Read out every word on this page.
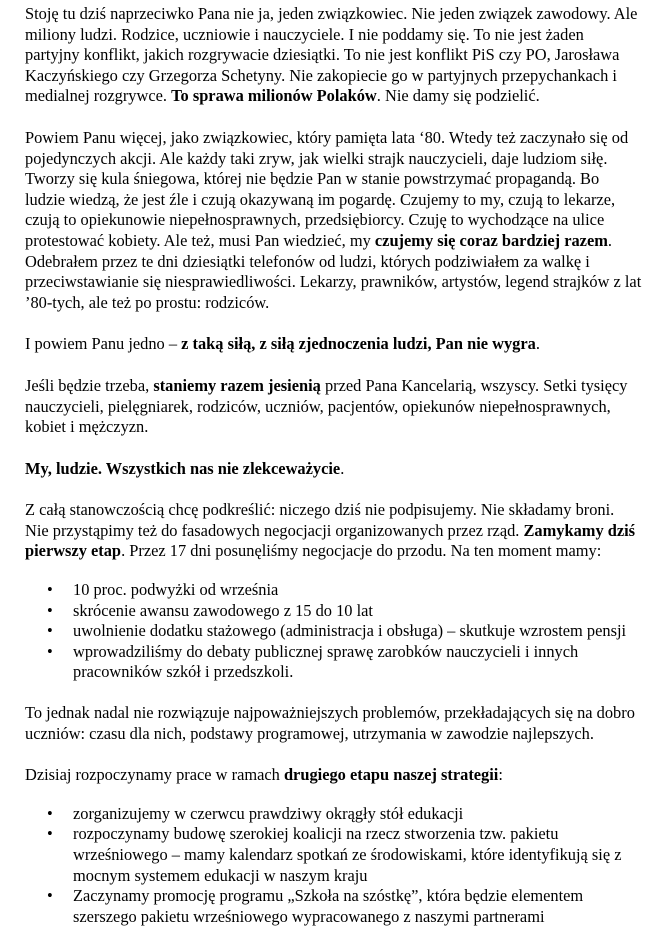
Stoję tu dziś naprzeciwko Pana nie ja, jeden związkowiec. Nie jeden związek zawodowy. Ale miliony ludzi. Rodzice, uczniowie i nauczyciele. I nie poddamy się. To nie jest żaden partyjny konflikt, jakich rozgrywacie dziesiątki. To nie jest konflikt PiS czy PO, Jarosława Kaczyńskiego czy Grzegorza Schetyny. Nie zakopiecie go w partyjnych przepychankach i medialnej rozgrywce. To sprawa milionów Polaków. Nie damy się podzielić.

Powiem Panu więcej, jako związkowiec, który pamięta lata ‘80. Wtedy też zaczynało się od pojedynczych akcji. Ale każdy taki zryw, jak wielki strajk nauczycieli, daje ludziom siłę. Tworzy się kula śniegowa, której nie będzie Pan w stanie powstrzymać propagandą. Bo ludzie wiedzą, że jest źle i czują okazywaną im pogardę. Czujemy to my, czują to lekarze, czują to opiekunowie niepełnosprawnych, przedsiębiorcy. Czuję to wychodzące na ulice protestować kobiety. Ale też, musi Pan wiedzieć, my czujemy się coraz bardziej razem. Odebrałem przez te dni dziesiątki telefonów od ludzi, których podziwiałem za walkę i przeciwstawianie się niesprawiedliwości. Lekarzy, prawników, artystów, legend strajków z lat ’80-tych, ale też po prostu: rodziców.

I powiem Panu jedno – z taką siłą, z siłą zjednoczenia ludzi, Pan nie wygra.

Jeśli będzie trzeba, staniemy razem jesienią przed Pana Kancelarią, wszyscy. Setki tysięcy nauczycieli, pielęgniarek, rodziców, uczniów, pacjentów, opiekunów niepełnosprawnych, kobiet i mężczyzn.

My, ludzie. Wszystkich nas nie zlekceważycie.

Z całą stanowczością chcę podkreślić: niczego dziś nie podpisujemy. Nie składamy broni. Nie przystąpimy też do fasadowych negocjacji organizowanych przez rząd. Zamykamy dziś pierwszy etap. Przez 17 dni posunęliśmy negocjacje do przodu. Na ten moment mamy:

• 10 proc. podwyżki od września
• skrócenie awansu zawodowego z 15 do 10 lat
• uwolnienie dodatku stażowego (administracja i obsługa) – skutkuje wzrostem pensji
• wprowadziliśmy do debaty publicznej sprawę zarobków nauczycieli i innych pracowników szkół i przedszkoli.

To jednak nadal nie rozwiązuje najpoważniejszych problemów, przekładających się na dobro uczniów: czasu dla nich, podstawy programowej, utrzymania w zawodzie najlepszych.

Dzisiaj rozpoczynamy prace w ramach drugiego etapu naszej strategii:

• zorganizujemy w czerwcu prawdziwy okrągły stół edukacji
• rozpoczynamy budowę szerokiej koalicji na rzecz stworzenia tzw. pakietu wrześniowego – mamy kalendarz spotkań ze środowiskami, które identyfikują się z mocnym systemem edukacji w naszym kraju
• Zaczynamy promocję programu „Szkoła na szóstkę”, która będzie elementem szerszego pakietu wrześniowego wypracowanego z naszymi partnerami
